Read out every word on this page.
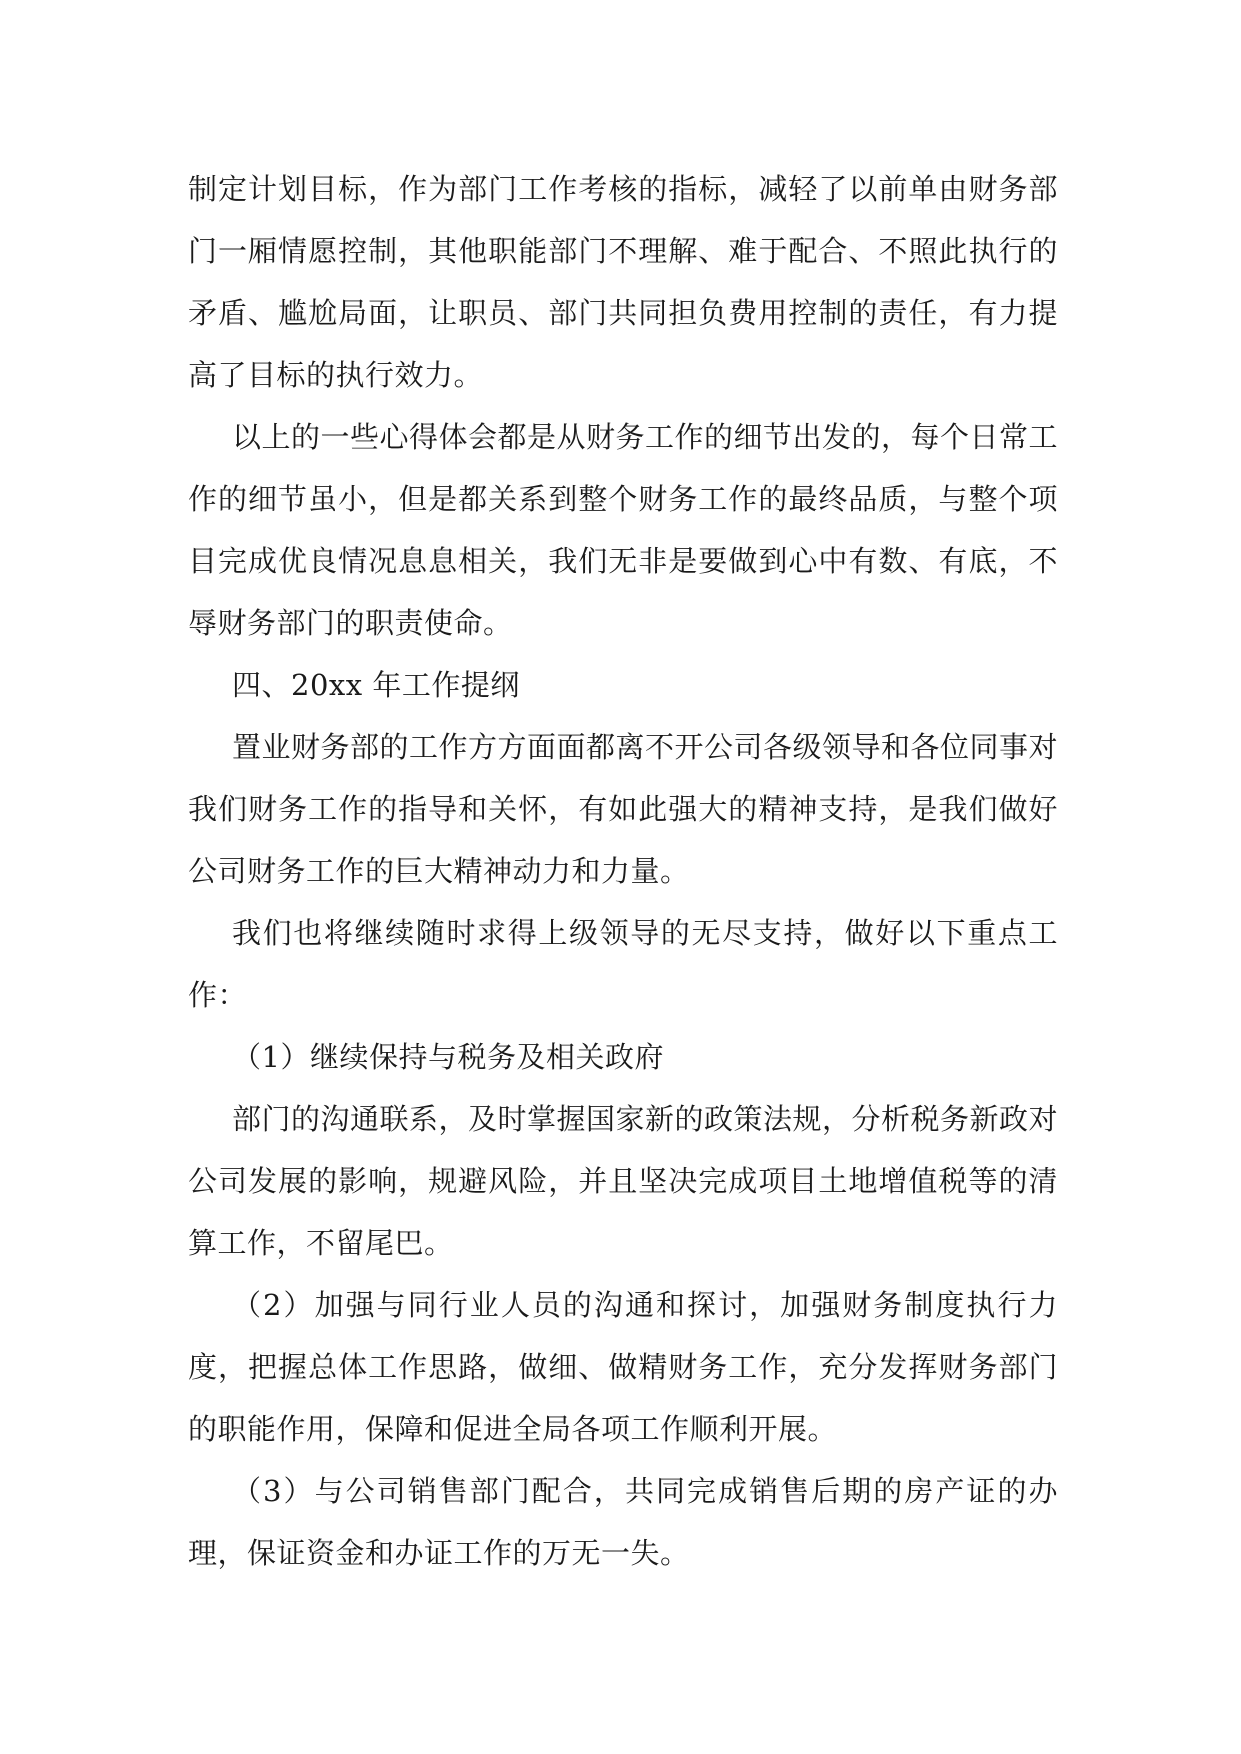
制定计划目标，作为部门工作考核的指标，减轻了以前单由财务部门一厢情愿控制，其他职能部门不理解、难于配合、不照此执行的矛盾、尴尬局面，让职员、部门共同担负费用控制的责任，有力提高了目标的执行效力。

以上的一些心得体会都是从财务工作的细节出发的，每个日常工作的细节虽小，但是都关系到整个财务工作的最终品质，与整个项目完成优良情况息息相关，我们无非是要做到心中有数、有底，不辱财务部门的职责使命。

四、20xx 年工作提纲

置业财务部的工作方方面面都离不开公司各级领导和各位同事对我们财务工作的指导和关怀，有如此强大的精神支持，是我们做好公司财务工作的巨大精神动力和力量。

我们也将继续随时求得上级领导的无尽支持，做好以下重点工作：

（1）继续保持与税务及相关政府

部门的沟通联系，及时掌握国家新的政策法规，分析税务新政对公司发展的影响，规避风险，并且坚决完成项目土地增值税等的清算工作，不留尾巴。

（2）加强与同行业人员的沟通和探讨，加强财务制度执行力度，把握总体工作思路，做细、做精财务工作，充分发挥财务部门的职能作用，保障和促进全局各项工作顺利开展。

（3）与公司销售部门配合，共同完成销售后期的房产证的办理，保证资金和办证工作的万无一失。
